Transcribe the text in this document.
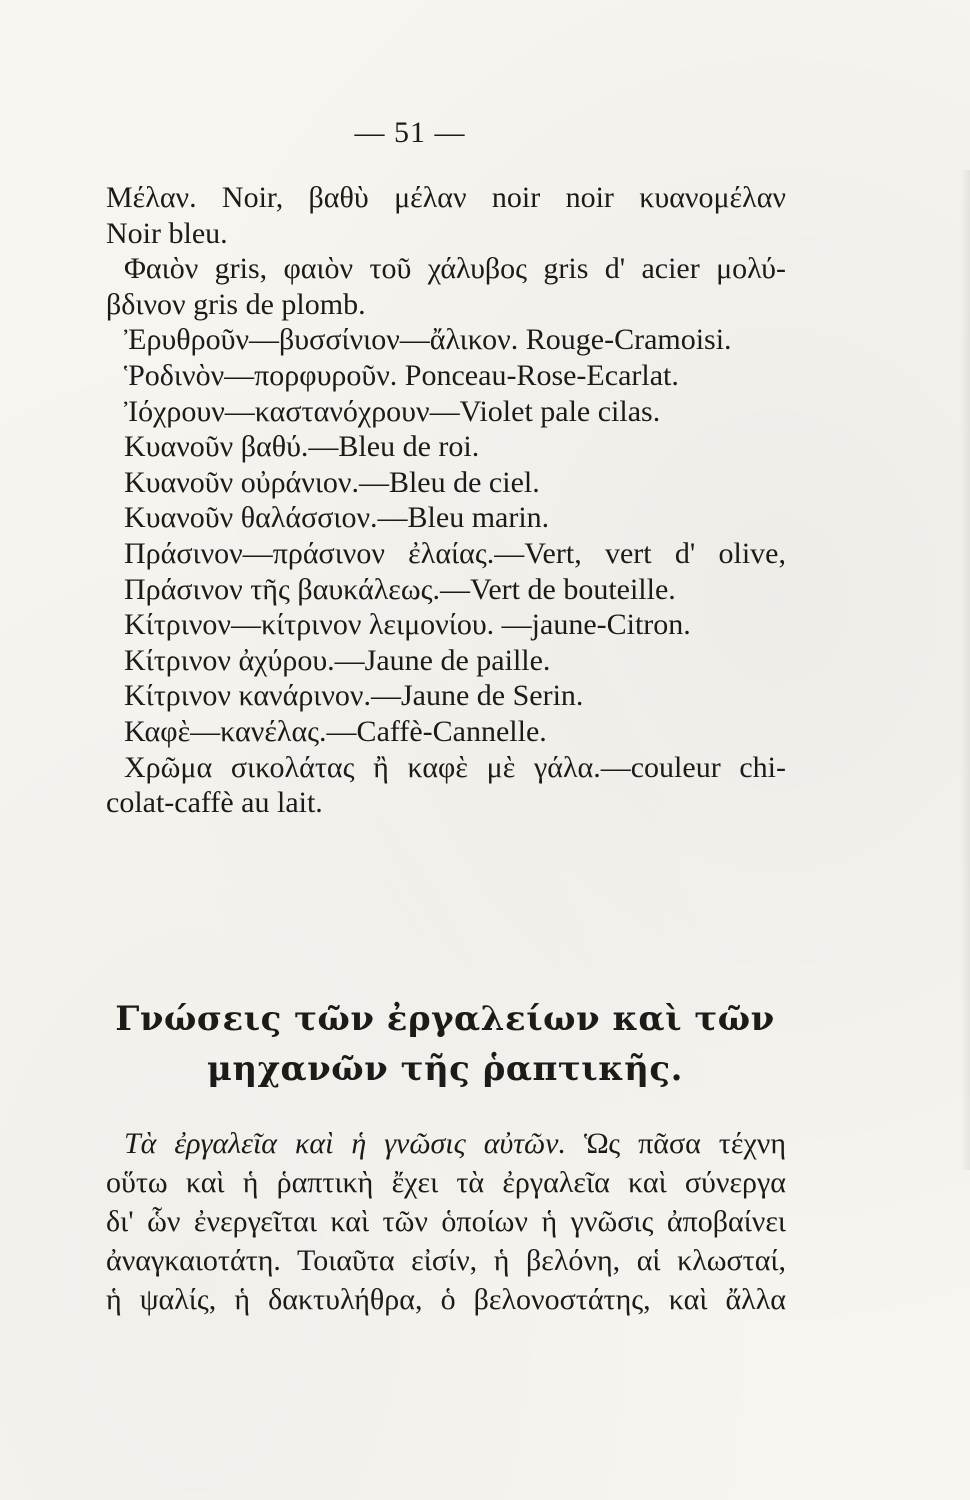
— 51 —
Μέλαν. Noir, βαθὺ μέλαν noir noir κυανομέλαν
Noir bleu.
Φαιὸν gris, φαιὸν τοῦ χάλυβος gris d' acier μολύ-
βδινον gris de plomb.
Ἐρυθροῦν—βυσσίνιον—ἄλικον. Rouge-Cramoisi.
Ῥοδινὸν—πορφυροῦν. Ponceau-Rose-Ecarlat.
Ἰόχρουν—καστανόχρουν—Violet pale cilas.
Κυανοῦν βαθύ.—Bleu de roi.
Κυανοῦν οὐράνιον.—Bleu de ciel.
Κυανοῦν θαλάσσιον.—Bleu marin.
Πράσινον—πράσινον ἐλαίας.—Vert, vert d' olive,
Πράσινον τῆς βαυκάλεως.—Vert de bouteille.
Κίτρινον—κίτρινον λειμονίου. —jaune-Citron.
Κίτρινον ἀχύρου.—Jaune de paille.
Κίτρινον κανάρινον.—Jaune de Serin.
Καφὲ—κανέλας.—Caffè-Cannelle.
Χρῶμα σικολάτας ἢ καφὲ μὲ γάλα.—couleur chi-
colat-caffè au lait.
Γνώσεις τῶν ἐργαλείων καὶ τῶν
μηχανῶν τῆς ῥαπτικῆς.
Τὰ ἐργαλεῖα καὶ ἡ γνῶσις αὐτῶν. Ὡς πᾶσα τέχνη
οὕτω καὶ ἡ ῥαπτικὴ ἔχει τὰ ἐργαλεῖα καὶ σύνεργα
δι' ὧν ἐνεργεῖται καὶ τῶν ὁποίων ἡ γνῶσις ἀποβαίνει
ἀναγκαιοτάτη. Τοιαῦτα εἰσίν, ἡ βελόνη, αἱ κλωσταί,
ἡ ψαλίς, ἡ δακτυλήθρα, ὁ βελονοστάτης, καὶ ἄλλα
